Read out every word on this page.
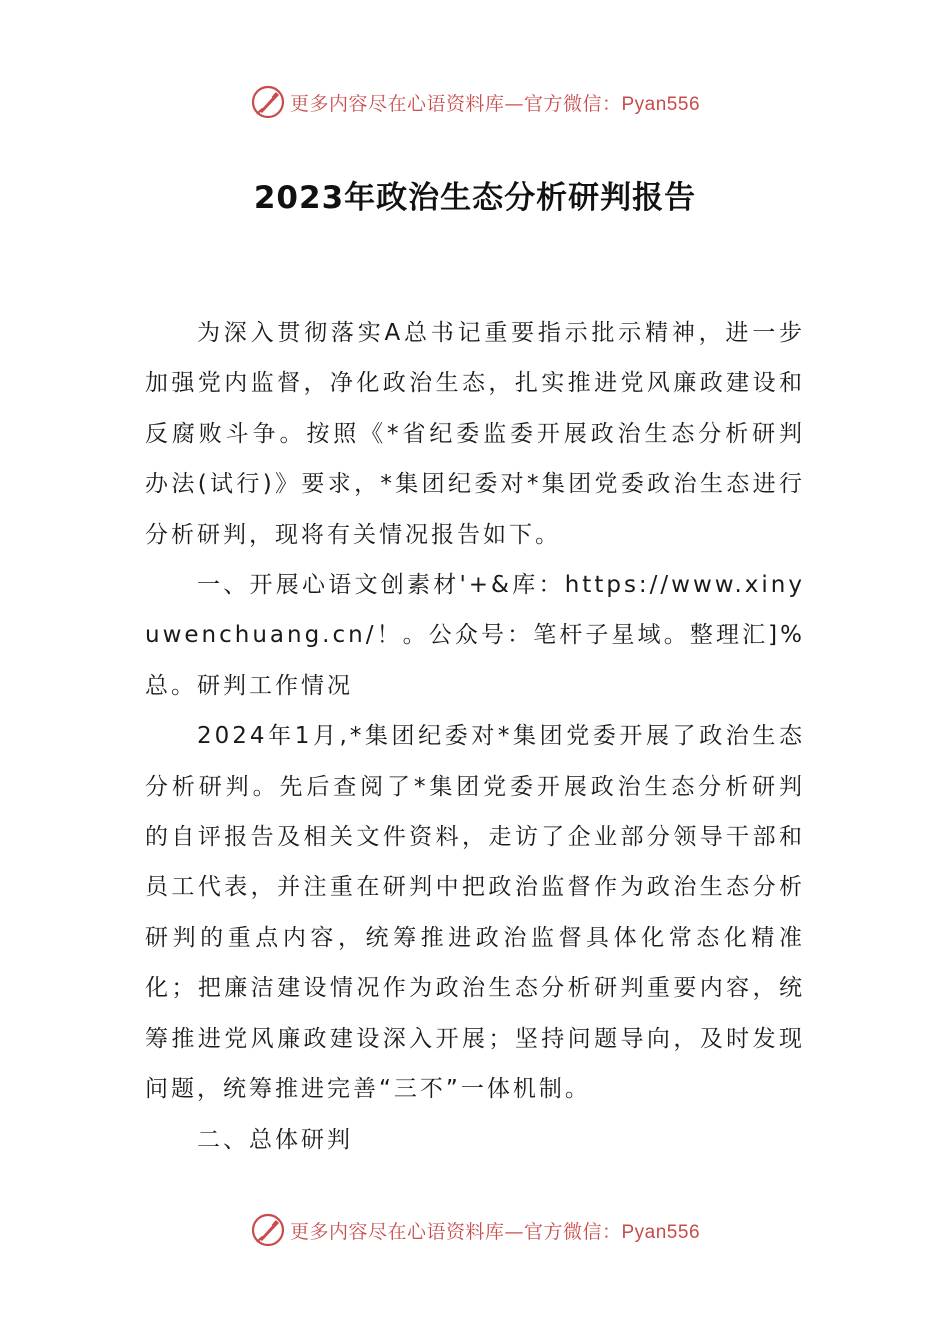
更多内容尽在心语资料库—官方微信：Pyan556
2023年政治生态分析研判报告

为深入贯彻落实A总书记重要指示批示精神，进一步加强党内监督，净化政治生态，扎实推进党风廉政建设和反腐败斗争。按照《*省纪委监委开展政治生态分析研判办法(试行)》要求，*集团纪委对*集团党委政治生态进行分析研判，现将有关情况报告如下。

一、开展心语文创素材'+&库：https://www.xinyuwenchuang.cn/！。公众号：笔杆子星域。整理汇]%总。研判工作情况

2024年1月,*集团纪委对*集团党委开展了政治生态分析研判。先后查阅了*集团党委开展政治生态分析研判的自评报告及相关文件资料，走访了企业部分领导干部和员工代表，并注重在研判中把政治监督作为政治生态分析研判的重点内容，统筹推进政治监督具体化常态化精准化；把廉洁建设情况作为政治生态分析研判重要内容，统筹推进党风廉政建设深入开展；坚持问题导向，及时发现问题，统筹推进完善“三不”一体机制。

二、总体研判

更多内容尽在心语资料库—官方微信：Pyan556
